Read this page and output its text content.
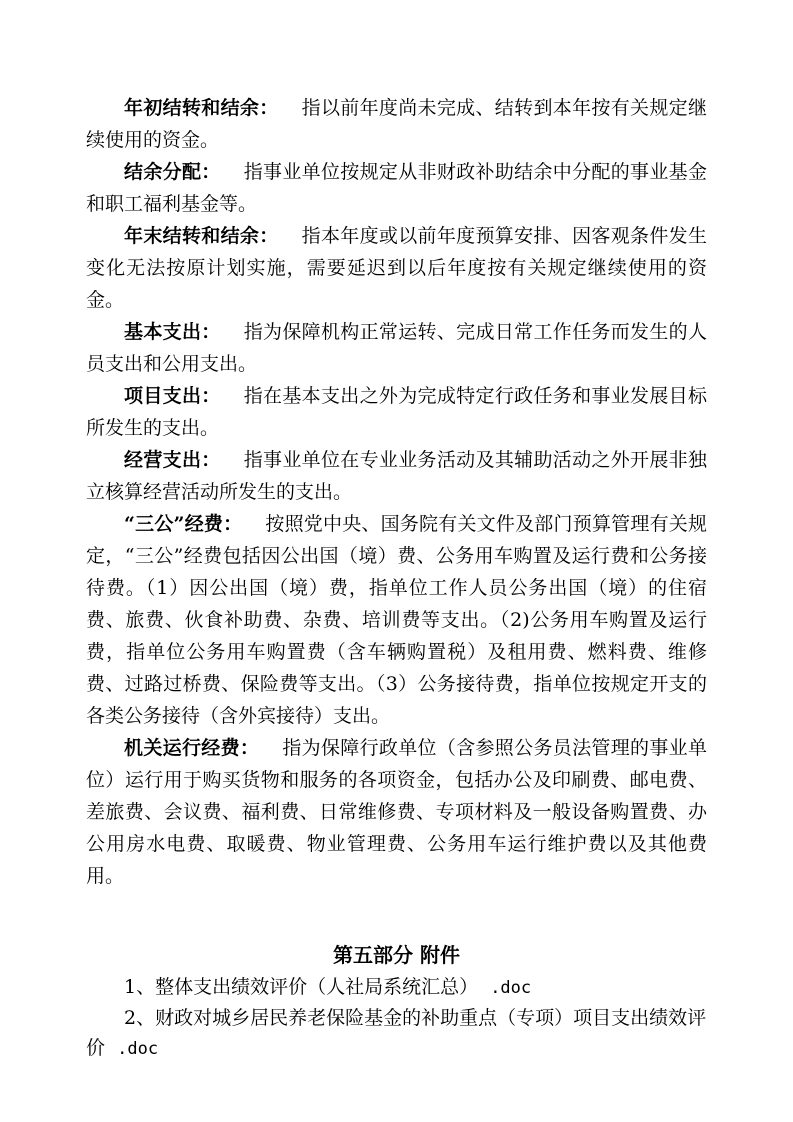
年初结转和结余： 指以前年度尚未完成、结转到本年按有关规定继续使用的资金。

结余分配： 指事业单位按规定从非财政补助结余中分配的事业基金和职工福利基金等。

年末结转和结余： 指本年度或以前年度预算安排、因客观条件发生变化无法按原计划实施，需要延迟到以后年度按有关规定继续使用的资金。

基本支出： 指为保障机构正常运转、完成日常工作任务而发生的人员支出和公用支出。

项目支出： 指在基本支出之外为完成特定行政任务和事业发展目标所发生的支出。

经营支出： 指事业单位在专业业务活动及其辅助活动之外开展非独立核算经营活动所发生的支出。

“三公”经费： 按照党中央、国务院有关文件及部门预算管理有关规定，“三公”经费包括因公出国（境）费、公务用车购置及运行费和公务接待费。（1）因公出国（境）费，指单位工作人员公务出国（境）的住宿费、旅费、伙食补助费、杂费、培训费等支出。（2)公务用车购置及运行费，指单位公务用车购置费（含车辆购置税）及租用费、燃料费、维修费、过路过桥费、保险费等支出。（3）公务接待费，指单位按规定开支的各类公务接待（含外宾接待）支出。

机关运行经费： 指为保障行政单位（含参照公务员法管理的事业单位）运行用于购买货物和服务的各项资金，包括办公及印刷费、邮电费、差旅费、会议费、福利费、日常维修费、专项材料及一般设备购置费、办公用房水电费、取暖费、物业管理费、公务用车运行维护费以及其他费用。

第五部分 附件

1、整体支出绩效评价（人社局系统汇总） .doc

2、财政对城乡居民养老保险基金的补助重点（专项）项目支出绩效评价 .doc
